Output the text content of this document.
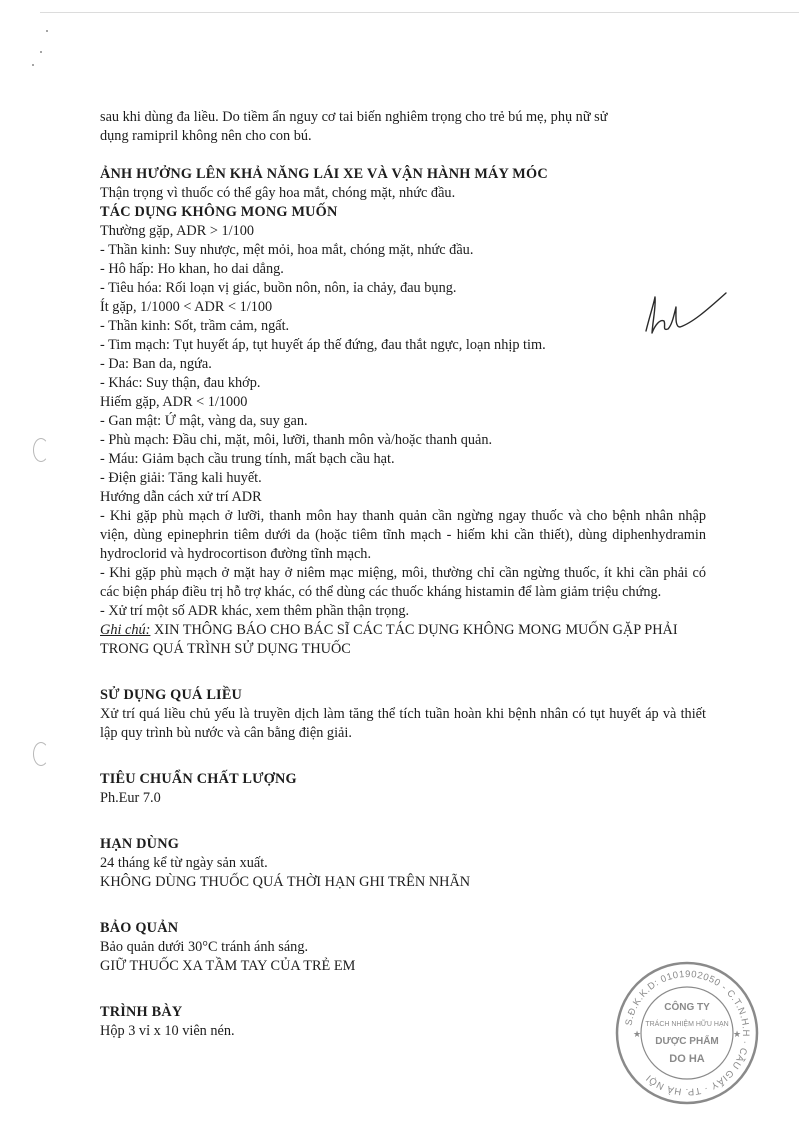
sau khi dùng đa liều. Do tiềm ẩn nguy cơ tai biến nghiêm trọng cho trẻ bú mẹ, phụ nữ sử

dụng ramipril không nên cho con bú.

ẢNH HƯỞNG LÊN KHẢ NĂNG LÁI XE VÀ VẬN HÀNH MÁY MÓC

Thận trọng vì thuốc có thể gây hoa mắt, chóng mặt, nhức đầu.

TÁC DỤNG KHÔNG MONG MUỐN

Thường gặp, ADR > 1/100

- Thần kinh: Suy nhược, mệt mỏi, hoa mắt, chóng mặt, nhức đầu.

- Hô hấp: Ho khan, ho dai dẳng.

- Tiêu hóa: Rối loạn vị giác, buồn nôn, nôn, ỉa chảy, đau bụng.

Ít gặp, 1/1000 < ADR < 1/100

- Thần kinh: Sốt, trầm cảm, ngất.

- Tim mạch: Tụt huyết áp, tụt huyết áp thế đứng, đau thắt ngực, loạn nhịp tim.

- Da: Ban da, ngứa.

- Khác: Suy thận, đau khớp.

Hiếm gặp, ADR < 1/1000

- Gan mật: Ứ mật, vàng da, suy gan.

- Phù mạch: Đầu chi, mặt, môi, lưỡi, thanh môn và/hoặc thanh quản.

- Máu: Giảm bạch cầu trung tính, mất bạch cầu hạt.

- Điện giải: Tăng kali huyết.

Hướng dẫn cách xử trí ADR

- Khi gặp phù mạch ở lưỡi, thanh môn hay thanh quản cần ngừng ngay thuốc và cho bệnh nhân nhập viện, dùng epinephrin tiêm dưới da (hoặc tiêm tĩnh mạch - hiếm khi cần thiết), dùng diphenhydramin hydroclorid và hydrocortison đường tĩnh mạch.

- Khi gặp phù mạch ở mặt hay ở niêm mạc miệng, môi, thường chỉ cần ngừng thuốc, ít khi cần phải có các biện pháp điều trị hỗ trợ khác, có thể dùng các thuốc kháng histamin để làm giảm triệu chứng.

- Xử trí một số ADR khác, xem thêm phần thận trọng.

Ghi chú: XIN THÔNG BÁO CHO BÁC SĨ CÁC TÁC DỤNG KHÔNG MONG MUỐN GẶP PHẢI TRONG QUÁ TRÌNH SỬ DỤNG THUỐC

SỬ DỤNG QUÁ LIỀU

Xử trí quá liều chủ yếu là truyền dịch làm tăng thể tích tuần hoàn khi bệnh nhân có tụt huyết áp và thiết lập quy trình bù nước và cân bằng điện giải.

TIÊU CHUẨN CHẤT LƯỢNG

Ph.Eur 7.0

HẠN DÙNG

24 tháng kể từ ngày sản xuất.

KHÔNG DÙNG THUỐC QUÁ THỜI HẠN GHI TRÊN NHÃN

BẢO QUẢN

Bảo quản dưới 30°C tránh ánh sáng.

GIỮ THUỐC XA TẦM TAY CỦA TRẺ EM

TRÌNH BÀY

Hộp 3 vỉ x 10 viên nén.

S.Đ.K.K.D: 0101902050 - C.T.N.H.H · CẦU GIẤY · TP. HÀ NỘI
CÔNG TY
TRÁCH NHIỆM HỮU HẠN
DƯỢC PHẨM
DO HA
★	★
